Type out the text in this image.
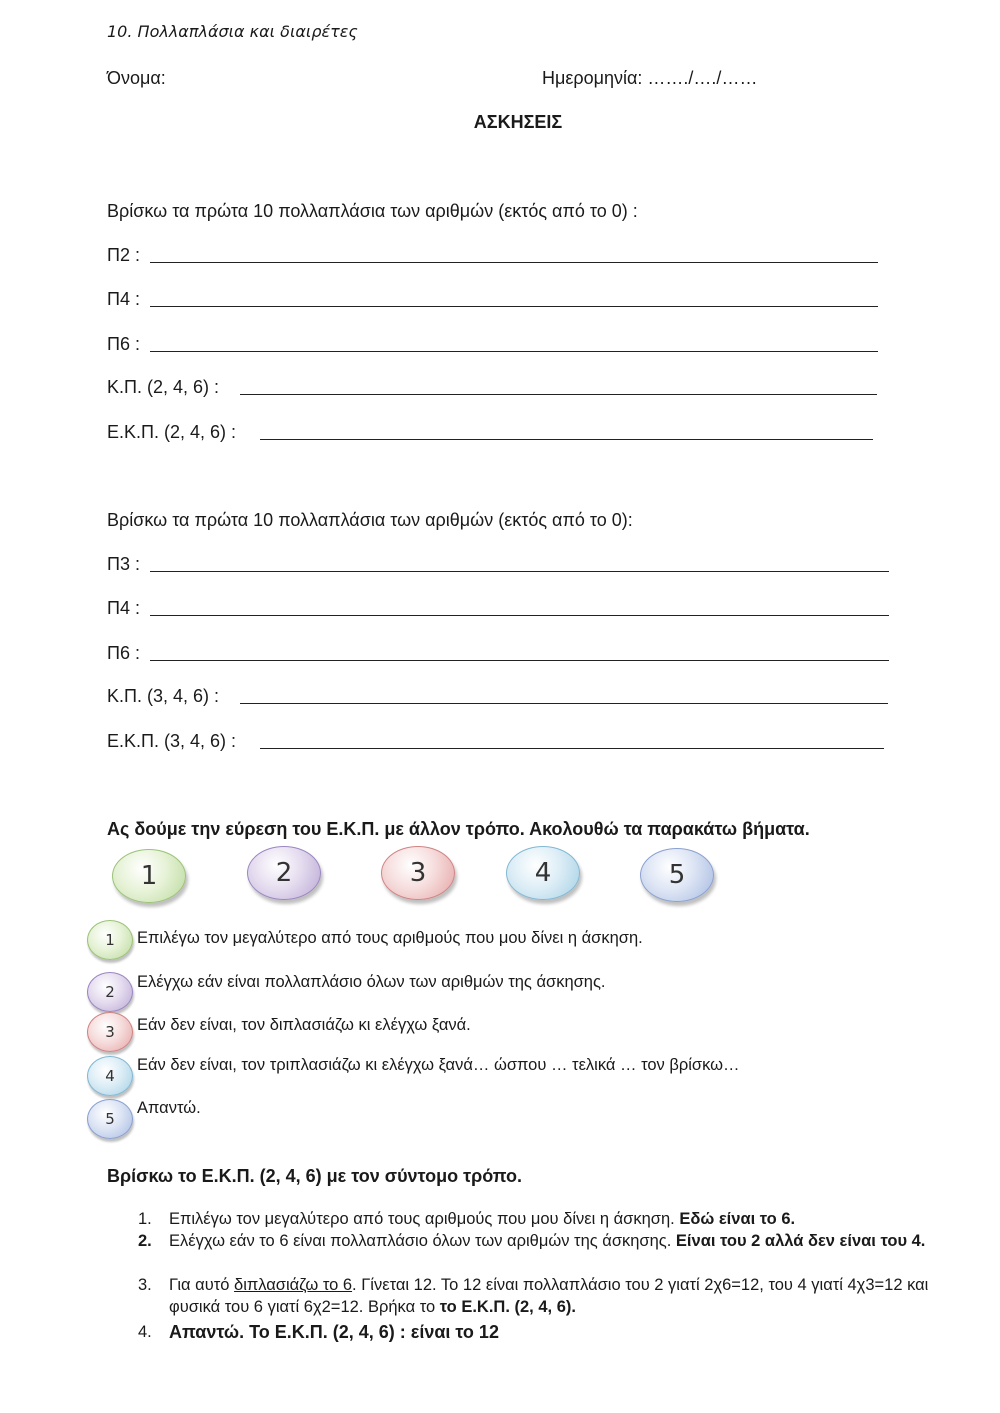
10. Πολλαπλάσια και διαιρέτες
Όνομα:	Ημερομηνία: ……./…./……
ΑΣΚΗΣΕΙΣ
Βρίσκω τα πρώτα 10 πολλαπλάσια των αριθμών (εκτός από το 0) :
Π2 :
Π4 :
Π6 :
Κ.Π. (2, 4, 6) :
Ε.Κ.Π. (2, 4, 6) :
Βρίσκω τα πρώτα 10 πολλαπλάσια των αριθμών (εκτός από το 0):
Π3 :
Π4 :
Π6 :
Κ.Π. (3, 4, 6) :
Ε.Κ.Π. (3, 4, 6) :
Ας δούμε την εύρεση του Ε.Κ.Π. με άλλον τρόπο. Ακολουθώ τα παρακάτω βήματα.
1	2	3	4	5
1 Επιλέγω τον μεγαλύτερο από τους αριθμούς που μου δίνει η άσκηση.
2
Ελέγχω εάν είναι πολλαπλάσιο όλων των αριθμών της άσκησης.
3 Εάν δεν είναι, τον διπλασιάζω κι ελέγχω ξανά.
4
Εάν δεν είναι, τον τριπλασιάζω κι ελέγχω ξανά… ώσπου … τελικά … τον βρίσκω…
5
Απαντώ.
Βρίσκω το Ε.Κ.Π. (2, 4, 6) με τον σύντομο τρόπο.
1.	Επιλέγω τον μεγαλύτερο από τους αριθμούς που μου δίνει η άσκηση. Εδώ είναι το 6.
2.	Ελέγχω εάν το 6 είναι πολλαπλάσιο όλων των αριθμών της άσκησης. Είναι του 2 αλλά δεν είναι του 4.
3.	Για αυτό διπλασιάζω το 6. Γίνεται 12. Το 12 είναι πολλαπλάσιο του 2 γιατί 2χ6=12, του 4 γιατί 4χ3=12 και φυσικά του 6 γιατί 6χ2=12. Βρήκα το το Ε.Κ.Π. (2, 4, 6).
4. Απαντώ. Το Ε.Κ.Π. (2, 4, 6) : είναι το 12
